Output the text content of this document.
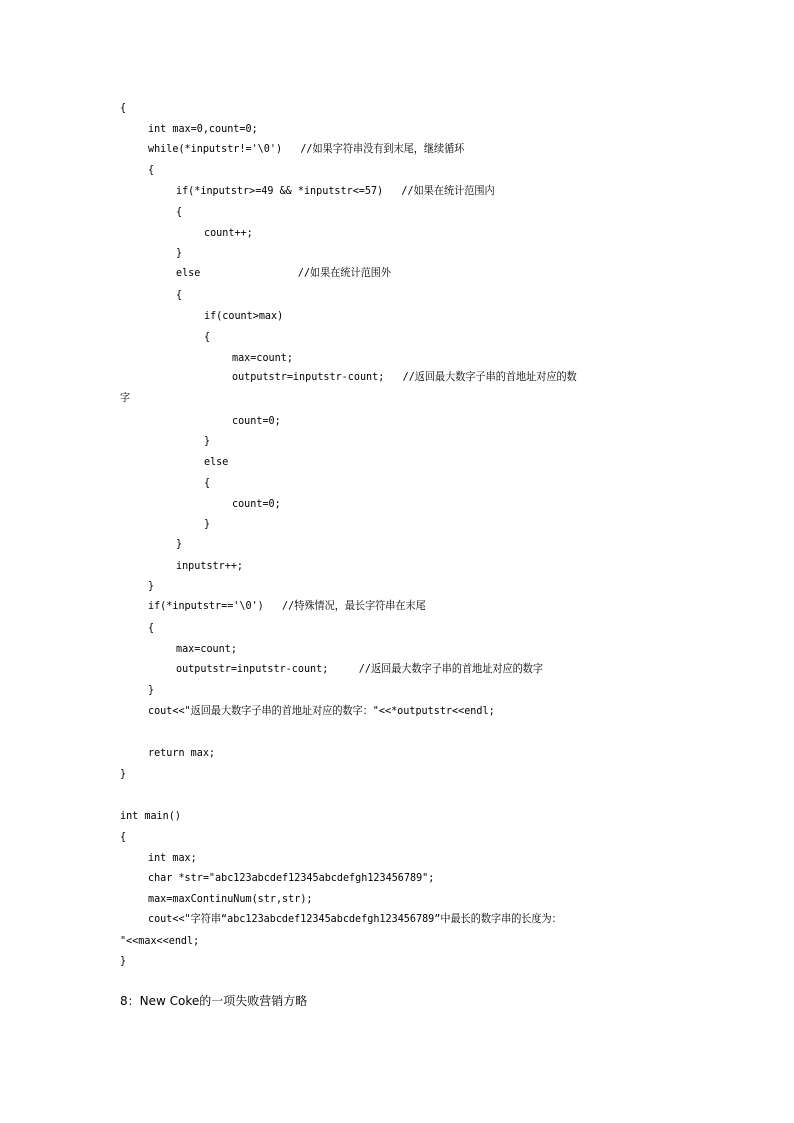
{
int max=0,count=0;
while(*inputstr!='\0')   //如果字符串没有到末尾，继续循环
{
if(*inputstr>=49 && *inputstr<=57)   //如果在统计范围内
{
count++;
}
else                //如果在统计范围外
{
if(count>max)
{
max=count;
outputstr=inputstr-count;   //返回最大数字子串的首地址对应的数
字
count=0;
}
else
{
count=0;
}
}
inputstr++;
}
if(*inputstr=='\0')   //特殊情况，最长字符串在末尾
{
max=count;
outputstr=inputstr-count;     //返回最大数字子串的首地址对应的数字
}
cout<<"返回最大数字子串的首地址对应的数字："<<*outputstr<<endl;
return max;
}
int main()
{
int max;
char *str="abc123abcdef12345abcdefgh123456789";
max=maxContinuNum(str,str);
cout<<"字符串“abc123abcdef12345abcdefgh123456789”中最长的数字串的长度为：
"<<max<<endl;
}
8：New Coke的一项失败营销方略
